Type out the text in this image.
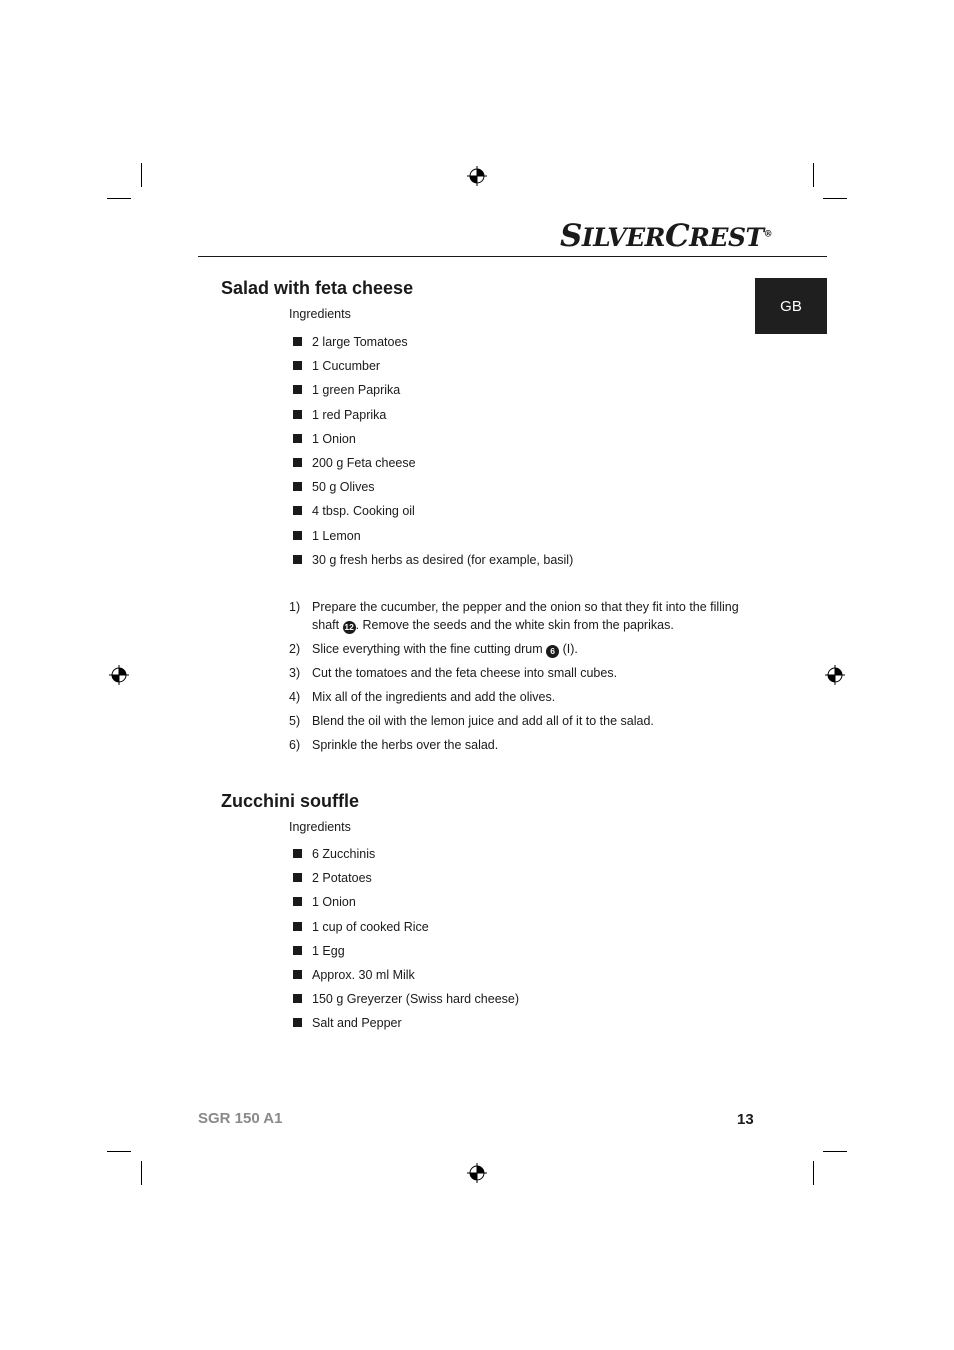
SILVERCREST®
GB
Salad with feta cheese
Ingredients
2 large Tomatoes
1 Cucumber
1 green Paprika
1 red Paprika
1 Onion
200 g Feta cheese
50 g Olives
4 tbsp. Cooking oil
1 Lemon
30 g fresh herbs as desired (for example, basil)
1) Prepare the cucumber, the pepper and the onion so that they fit into the filling shaft 12 . Remove the seeds and the white skin from the paprikas.
2) Slice everything with the fine cutting drum 6 (I).
3) Cut the tomatoes and the feta cheese into small cubes.
4) Mix all of the ingredients and add the olives.
5) Blend the oil with the lemon juice and add all of it to the salad.
6) Sprinkle the herbs over the salad.
Zucchini souffle
Ingredients
6 Zucchinis
2 Potatoes
1 Onion
1 cup of cooked Rice
1 Egg
Approx. 30 ml Milk
150 g Greyerzer (Swiss hard cheese)
Salt and Pepper
SGR 150 A1	13
